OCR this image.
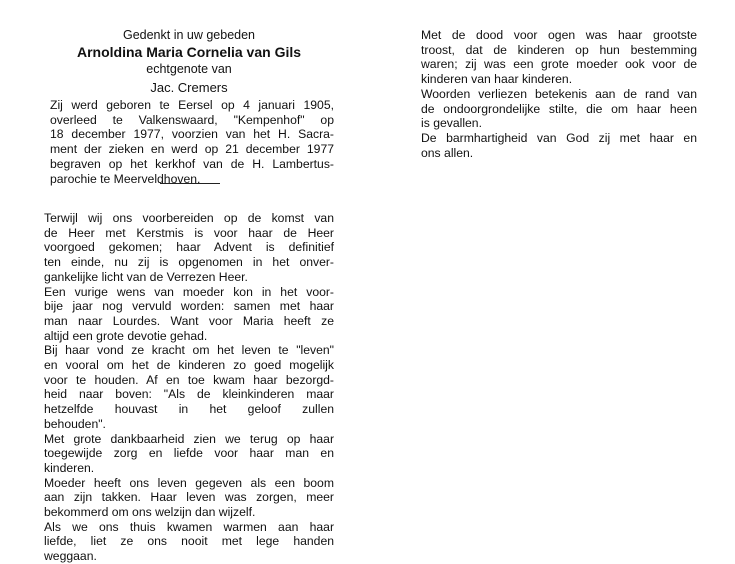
Gedenkt in uw gebeden
Arnoldina Maria Cornelia van Gils
echtgenote van
Jac. Cremers
Zij werd geboren te Eersel op 4 januari 1905,
overleed te Valkenswaard, "Kempenhof" op
18 december 1977, voorzien van het H. Sacra-
ment der zieken en werd op 21 december 1977
begraven op het kerkhof van de H. Lambertus-
parochie te Meerveldhoven.
Terwijl wij ons voorbereiden op de komst van
de Heer met Kerstmis is voor haar de Heer
voorgoed gekomen; haar Advent is definitief
ten einde, nu zij is opgenomen in het onver-
gankelijke licht van de Verrezen Heer.
Een vurige wens van moeder kon in het voor-
bije jaar nog vervuld worden: samen met haar
man naar Lourdes. Want voor Maria heeft ze
altijd een grote devotie gehad.
Bij haar vond ze kracht om het leven te "leven"
en vooral om het de kinderen zo goed mogelijk
voor te houden. Af en toe kwam haar bezorgd-
heid naar boven: "Als de kleinkinderen maar
hetzelfde houvast in het geloof zullen
behouden".
Met grote dankbaarheid zien we terug op haar
toegewijde zorg en liefde voor haar man en
kinderen.
Moeder heeft ons leven gegeven als een boom
aan zijn takken. Haar leven was zorgen, meer
bekommerd om ons welzijn dan wijzelf.
Als we ons thuis kwamen warmen aan haar
liefde, liet ze ons nooit met lege handen
weggaan.
Met de dood voor ogen was haar grootste
troost, dat de kinderen op hun bestemming
waren; zij was een grote moeder ook voor de
kinderen van haar kinderen.
Woorden verliezen betekenis aan de rand van
de ondoorgrondelijke stilte, die om haar heen
is gevallen.
De barmhartigheid van God zij met haar en
ons allen.
